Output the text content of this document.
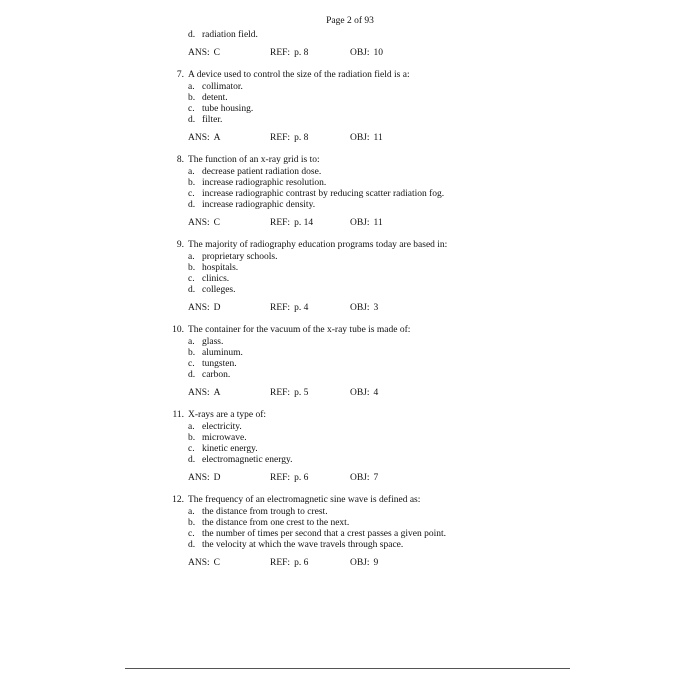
Page 2 of 93
d. radiation field.
ANS: C	REF: p. 8	OBJ: 10
7. A device used to control the size of the radiation field is a:
a. collimator.
b. detent.
c. tube housing.
d. filter.
ANS: A	REF: p. 8	OBJ: 11
8. The function of an x-ray grid is to:
a. decrease patient radiation dose.
b. increase radiographic resolution.
c. increase radiographic contrast by reducing scatter radiation fog.
d. increase radiographic density.
ANS: C	REF: p. 14	OBJ: 11
9. The majority of radiography education programs today are based in:
a. proprietary schools.
b. hospitals.
c. clinics.
d. colleges.
ANS: D	REF: p. 4	OBJ: 3
10. The container for the vacuum of the x-ray tube is made of:
a. glass.
b. aluminum.
c. tungsten.
d. carbon.
ANS: A	REF: p. 5	OBJ: 4
11. X-rays are a type of:
a. electricity.
b. microwave.
c. kinetic energy.
d. electromagnetic energy.
ANS: D	REF: p. 6	OBJ: 7
12. The frequency of an electromagnetic sine wave is defined as:
a. the distance from trough to crest.
b. the distance from one crest to the next.
c. the number of times per second that a crest passes a given point.
d. the velocity at which the wave travels through space.
ANS: C	REF: p. 6	OBJ: 9
